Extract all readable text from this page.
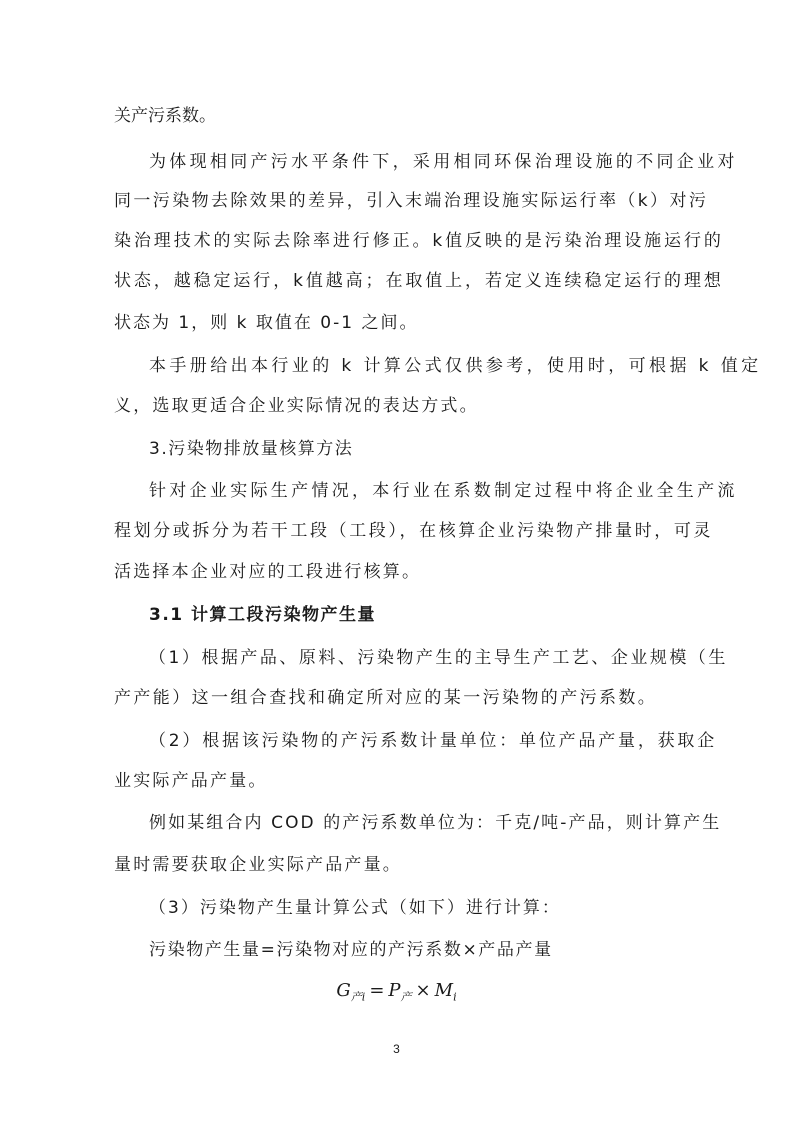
关产污系数。
为体现相同产污水平条件下，采用相同环保治理设施的不同企业对
同一污染物去除效果的差异，引入末端治理设施实际运行率（k）对污
染治理技术的实际去除率进行修正。k值反映的是污染治理设施运行的
状态，越稳定运行，k值越高；在取值上，若定义连续稳定运行的理想
状态为 1，则 k 取值在 0-1 之间。
本手册给出本行业的 k 计算公式仅供参考，使用时，可根据 k 值定
义，选取更适合企业实际情况的表达方式。
3.污染物排放量核算方法
针对企业实际生产情况，本行业在系数制定过程中将企业全生产流
程划分或拆分为若干工段（工段），在核算企业污染物产排量时，可灵
活选择本企业对应的工段进行核算。
3.1 计算工段污染物产生量
（1）根据产品、原料、污染物产生的主导生产工艺、企业规模（生
产产能）这一组合查找和确定所对应的某一污染物的产污系数。
（2）根据该污染物的产污系数计量单位：单位产品产量，获取企
业实际产品产量。
例如某组合内 COD 的产污系数单位为：千克/吨-产品，则计算产生
量时需要获取企业实际产品产量。
（3）污染物产生量计算公式（如下）进行计算：
污染物产生量=污染物对应的产污系数×产品产量
$G_{产i} = P_产 \times M_i$
3
